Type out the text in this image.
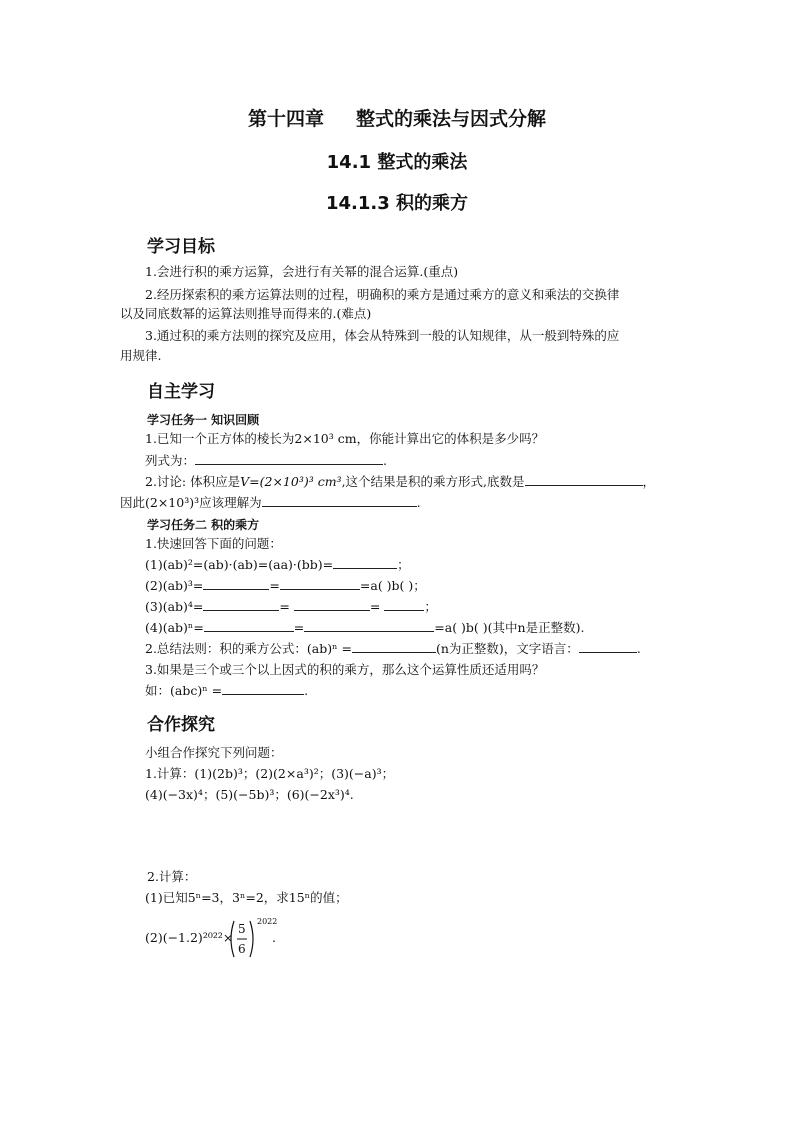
第十四章 整式的乘法与因式分解
14.1 整式的乘法
14.1.3 积的乘方
学习目标
1.会进行积的乘方运算，会进行有关幂的混合运算.(重点)
2.经历探索积的乘方运算法则的过程，明确积的乘方是通过乘方的意义和乘法的交换律
以及同底数幂的运算法则推导而得来的.(难点)
3.通过积的乘方法则的探究及应用，体会从特殊到一般的认知规律，从一般到特殊的应
用规律.
自主学习
学习任务一 知识回顾
1.已知一个正方体的棱长为2×10³ cm，你能计算出它的体积是多少吗？
列式为：	.
2.讨论: 体积应是V=(2×10³)³ cm³,这个结果是积的乘方形式,底数是	，
因此(2×10³)³应该理解为	.
学习任务二 积的乘方
1.快速回答下面的问题：
(1)(ab)²=(ab)·(ab)=(aa)·(bb)=	；
(2)(ab)³=	=	=a( )b( )；
(3)(ab)⁴=	=	=	；
(4)(ab)ⁿ=	=	=a( )b( )(其中n是正整数).
2.总结法则：积的乘方公式：(ab)ⁿ =	(n为正整数)，文字语言：	.
3.如果是三个或三个以上因式的积的乘方，那么这个运算性质还适用吗？
如：(abc)ⁿ =	.
合作探究
小组合作探究下列问题：
1.计算：(1)(2b)³；(2)(2×a³)²；(3)(−a)³；
(4)(−3x)⁴；(5)(−5b)³；(6)(−2x³)⁴.
2.计算：
(1)已知5ⁿ=3，3ⁿ=2，求15ⁿ的值；
(2)(−1.2)²⁰²²×
5
6
2022
.
